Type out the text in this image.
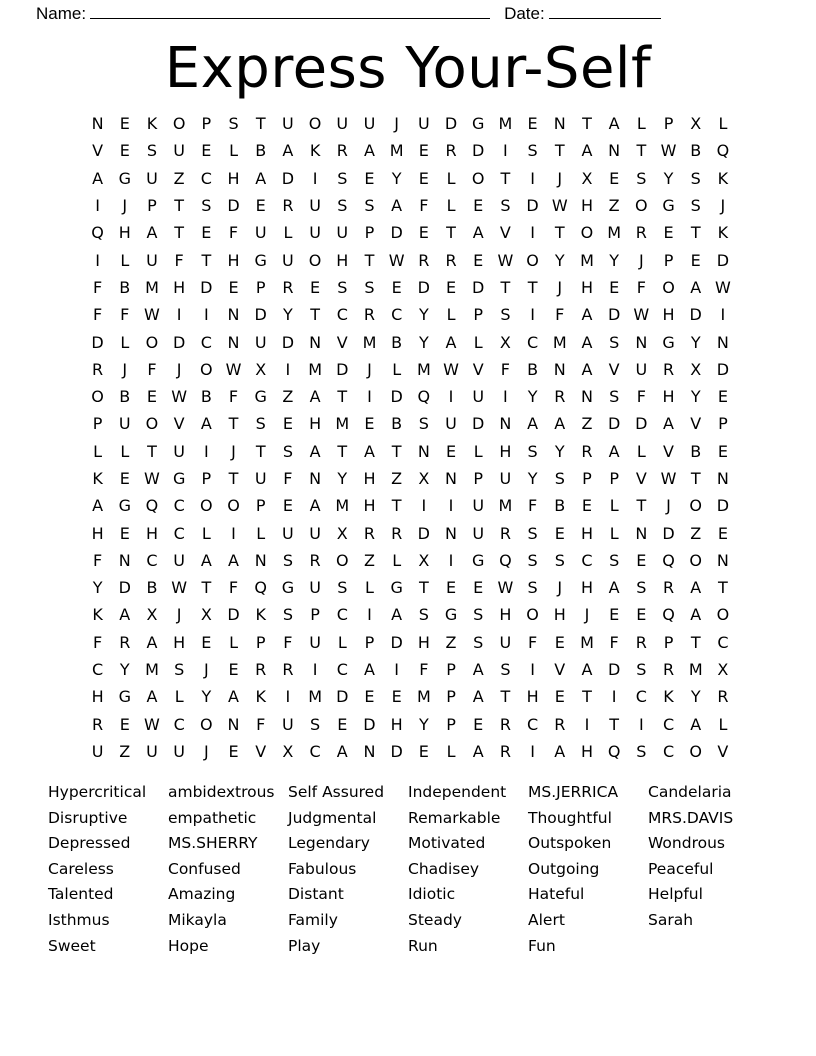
Name:	Date:
Express Your-Self
N	E	K O	P	S	T	U O U U	J	U D G M E	N	T	A	L	P	X	L
V	E	S	U	E	L	B	A	K	R	A M E	R D	I	S	T	A N	T W B Q
A G U Z	C H A D	I	S	E	Y	E	L	O	T	I	J	X	E	S	Y	S	K
I	J	P	T	S D E	R U	S	S	A	F	L	E	S D W H Z O G S	J
Q H A	T	E	F	U	L	U U	P	D E	T	A	V	I	T	O M R	E	T	K
I	L	U	F	T	H G U O H	T W R	R	E W O	Y M Y	J	P	E D
F	B M H D E	P	R	E	S	S	E D E D	T	T	J	H	E	F	O A W
F	F W	I	I	N D	Y	T	C	R	C	Y	L	P	S	I	F	A D W H D	I
D	L	O D C N U D N V M B	Y	A	L	X	C M A	S	N G	Y	N
R	J	F	J	O W X	I	M D	J	L M W V	F	B N A	V U R	X D
O B	E W B	F	G Z	A	T	I	D Q	I	U	I	Y	R N	S	F	H	Y	E
P	U O V	A	T	S	E	H M E	B	S	U D N A	A	Z D D A	V	P
L	L	T	U	I	J	T	S	A	T	A	T	N	E	L	H	S	Y	R	A	L	V	B	E
K	E W G	P	T	U	F	N	Y	H Z	X N	P	U	Y	S	P	P	V W T	N
A G Q C O O	P	E	A M H	T	I	I	U M F	B	E	L	T	J	O D
H	E	H C	L	I	L	U U X	R	R D N U R	S	E	H	L	N D Z	E
F	N C U A	A N	S	R O Z	L	X	I	G Q S	S	C	S	E Q O N
Y	D B W T	F	Q G U	S	L	G	T	E	E W S	J	H A	S	R	A	T
K	A	X	J	X D K	S	P	C	I	A	S G S	H O H	J	E	E Q A O
F	R	A H	E	L	P	F	U	L	P	D H Z	S	U	F	E M F	R	P	T	C
C	Y M S	J	E	R	R	I	C	A	I	F	P	A	S	I	V	A D S	R M X
H G A	L	Y	A	K	I	M D E	E M P	A	T	H	E	T	I	C	K	Y	R
R	E W C O N	F	U	S	E D H	Y	P	E	R	C	R	I	T	I	C	A	L
U Z U U	J	E	V	X	C	A N D E	L	A	R	I	A H Q S	C O V
Hypercritical
Disruptive
Depressed
Careless
Talented
Isthmus
Sweet
ambidextrous
empathetic
MS.SHERRY
Confused
Amazing
Mikayla
Hope
Self Assured
Judgmental
Legendary
Fabulous
Distant
Family
Play
Independent
Remarkable
Motivated
Chadisey
Idiotic
Steady
Run
MS.JERRICA
Thoughtful
Outspoken
Outgoing
Hateful
Alert
Fun
Candelaria
MRS.DAVIS
Wondrous
Peaceful
Helpful
Sarah
